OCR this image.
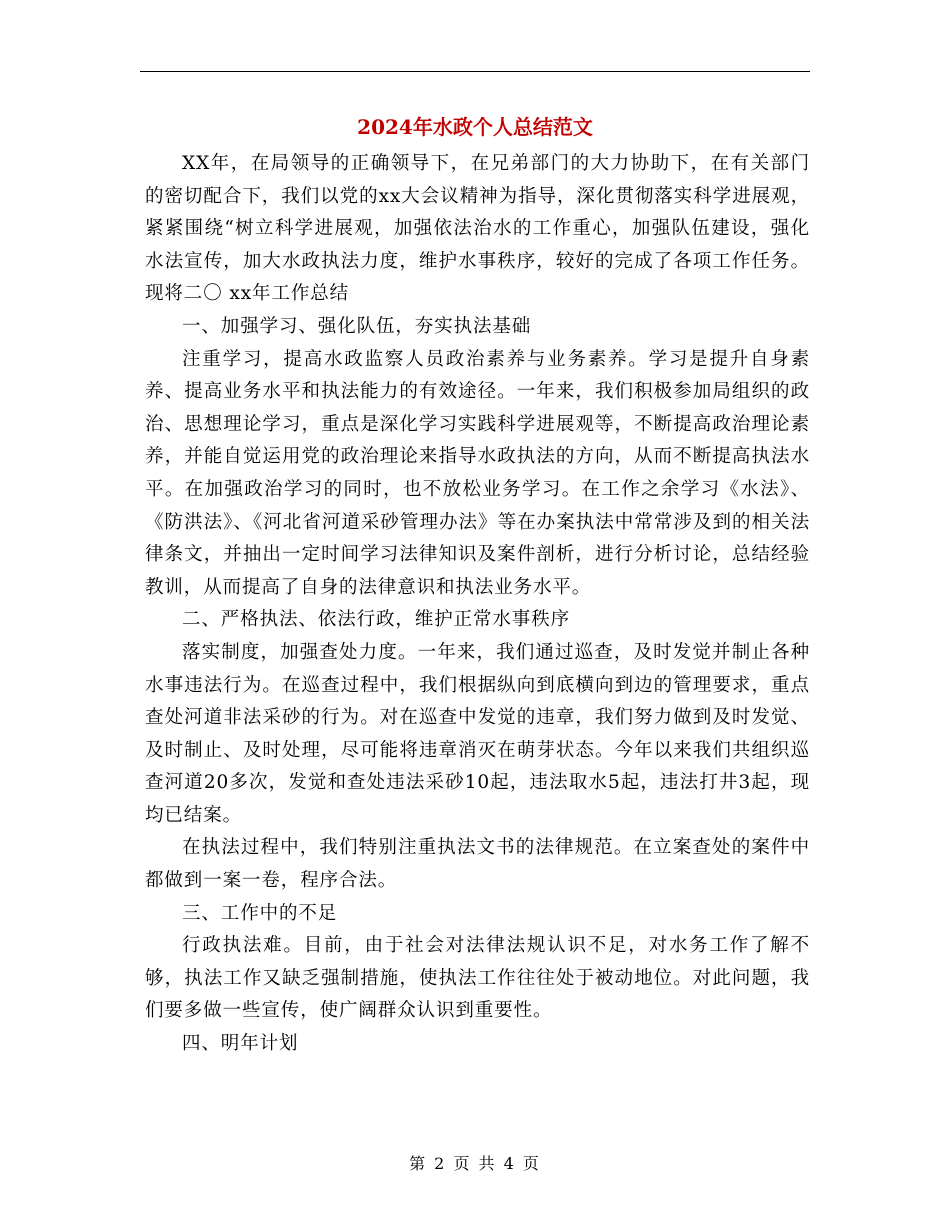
2024年水政个人总结范文

XX年，在局领导的正确领导下，在兄弟部门的大力协助下，在有关部门的密切配合下，我们以党的xx大会议精神为指导，深化贯彻落实科学进展观，紧紧围绕“树立科学进展观，加强依法治水的工作重心，加强队伍建设，强化水法宣传，加大水政执法力度，维护水事秩序，较好的完成了各项工作任务。现将二〇 xx年工作总结

一、加强学习、强化队伍，夯实执法基础

注重学习，提高水政监察人员政治素养与业务素养。学习是提升自身素养、提高业务水平和执法能力的有效途径。一年来，我们积极参加局组织的政治、思想理论学习，重点是深化学习实践科学进展观等，不断提高政治理论素养，并能自觉运用党的政治理论来指导水政执法的方向，从而不断提高执法水平。在加强政治学习的同时，也不放松业务学习。在工作之余学习《水法》、《防洪法》、《河北省河道采砂管理办法》等在办案执法中常常涉及到的相关法律条文，并抽出一定时间学习法律知识及案件剖析，进行分析讨论，总结经验教训，从而提高了自身的法律意识和执法业务水平。

二、严格执法、依法行政，维护正常水事秩序

落实制度，加强查处力度。一年来，我们通过巡查，及时发觉并制止各种水事违法行为。在巡查过程中，我们根据纵向到底横向到边的管理要求，重点查处河道非法采砂的行为。对在巡查中发觉的违章，我们努力做到及时发觉、及时制止、及时处理，尽可能将违章消灭在萌芽状态。今年以来我们共组织巡查河道20多次，发觉和查处违法采砂10起，违法取水5起，违法打井3起，现均已结案。

在执法过程中，我们特别注重执法文书的法律规范。在立案查处的案件中都做到一案一卷，程序合法。

三、工作中的不足

行政执法难。目前，由于社会对法律法规认识不足，对水务工作了解不够，执法工作又缺乏强制措施，使执法工作往往处于被动地位。对此问题，我们要多做一些宣传，使广阔群众认识到重要性。

四、明年计划

第 2 页 共 4 页
